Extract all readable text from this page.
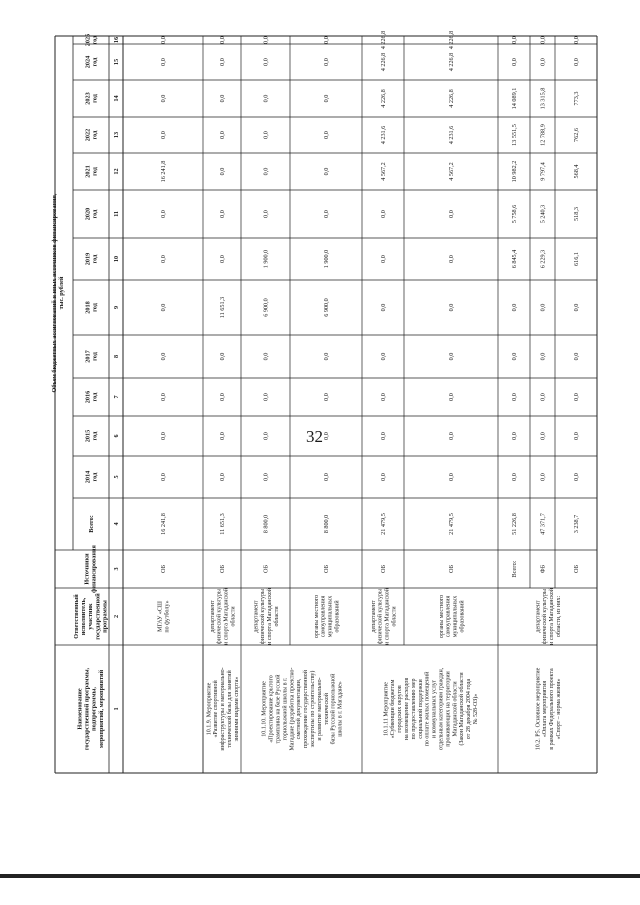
32
Наименованиегосударственной программы,подпрограммы,мероприятий, мероприятий
Ответственныйисполнитель,участникгосударственнойпрограммы
Источникифинансирования
Объем бюджетных ассигнований и иных источников финансирования,тыс. рублей
Всего:
2014год
2015год
2016год
2017год
2018год
2019год
2020год
2021год
2022год
2023год
2024год
2025год
1
2
3
4
5
6
7
8
9
10
11
12
13
14
15
16
МГАУ «СШпо футболу»
ОБ
16 241,8
0,0
0,0
0,0
0,0
0,0
0,0
0,0
16 241,8
0,0
0,0
0,0
0,0
10.1.9. Мероприятие«Развитие спортивнойинфраструктуры и материально-технической базы для занятийзимними видами спорта»
департаментфизической культурыи спорта Магаданскойобласти
ОБ
11 651,3
0,0
0,0
0,0
0,0
11 651,3
0,0
0,0
0,0
0,0
0,0
0,0
0,0
10.1.10. Мероприятие«Проектирование крытоготрамплина на базе Русскойгорнолыжной школы в г.Магадане (разработка проектно-сметной документации,прохождение государственнойэкспертизы по строительству)и развитие материально-техническойбазы Русской горнолыжнойшколы в г. Магадане»
департаментфизической культурыи спорта Магаданскойобласти
ОБ
8 800,0
0,0
0,0
0,0
0,0
6 900,0
1 900,0
0,0
0,0
0,0
0,0
0,0
0,0
органы местногосамоуправлениямуниципальныхобразований
ОБ
8 800,0
0,0
0,0
0,0
0,0
6 900,0
1 900,0
0,0
0,0
0,0
0,0
0,0
0,0
10.1.11 Мероприятие«Субвенции бюджетамгородских округовна возмещение расходовпо предоставлению мерсоциальной поддержкипо оплате жилых помещенийи коммунальных услуготдельным категориям граждан,проживающих на территорииМагаданской области(Закон Магаданской областиот 28 декабря 2004 года№ 528-ОЗ)»
департаментфизической культурыи спорта Магаданскойобласти
ОБ
21 479,5
0,0
0,0
0,0
0,0
0,0
0,0
0,0
4 567,2
4 231,6
4 226,8
4 226,8
4 226,8
органы местногосамоуправлениямуниципальныхобразований
ОБ
21 479,5
0,0
0,0
0,0
0,0
0,0
0,0
0,0
4 567,2
4 231,6
4 226,8
4 226,8
4 226,8
10.2. Р5. Основное мероприятие«Оплата мероприятияв рамках Федерального проекта«Спорт – норма жизни»
департаментфизической культурыи спорта Магаданскойобласти, из них:
Всего:
51 226,8
0,0
0,0
0,0
0,0
0,0
6 845,4
5 758,6
10 982,2
13 551,5
14 089,1
0,0
0,0
ФБ
47 371,7
0,0
0,0
0,0
0,0
0,0
6 229,3
5 240,3
9 797,4
12 788,9
13 315,8
0,0
0,0
ОБ
3 238,7
0,0
0,0
0,0
0,0
0,0
616,1
518,3
568,4
762,6
773,3
0,0
0,0
